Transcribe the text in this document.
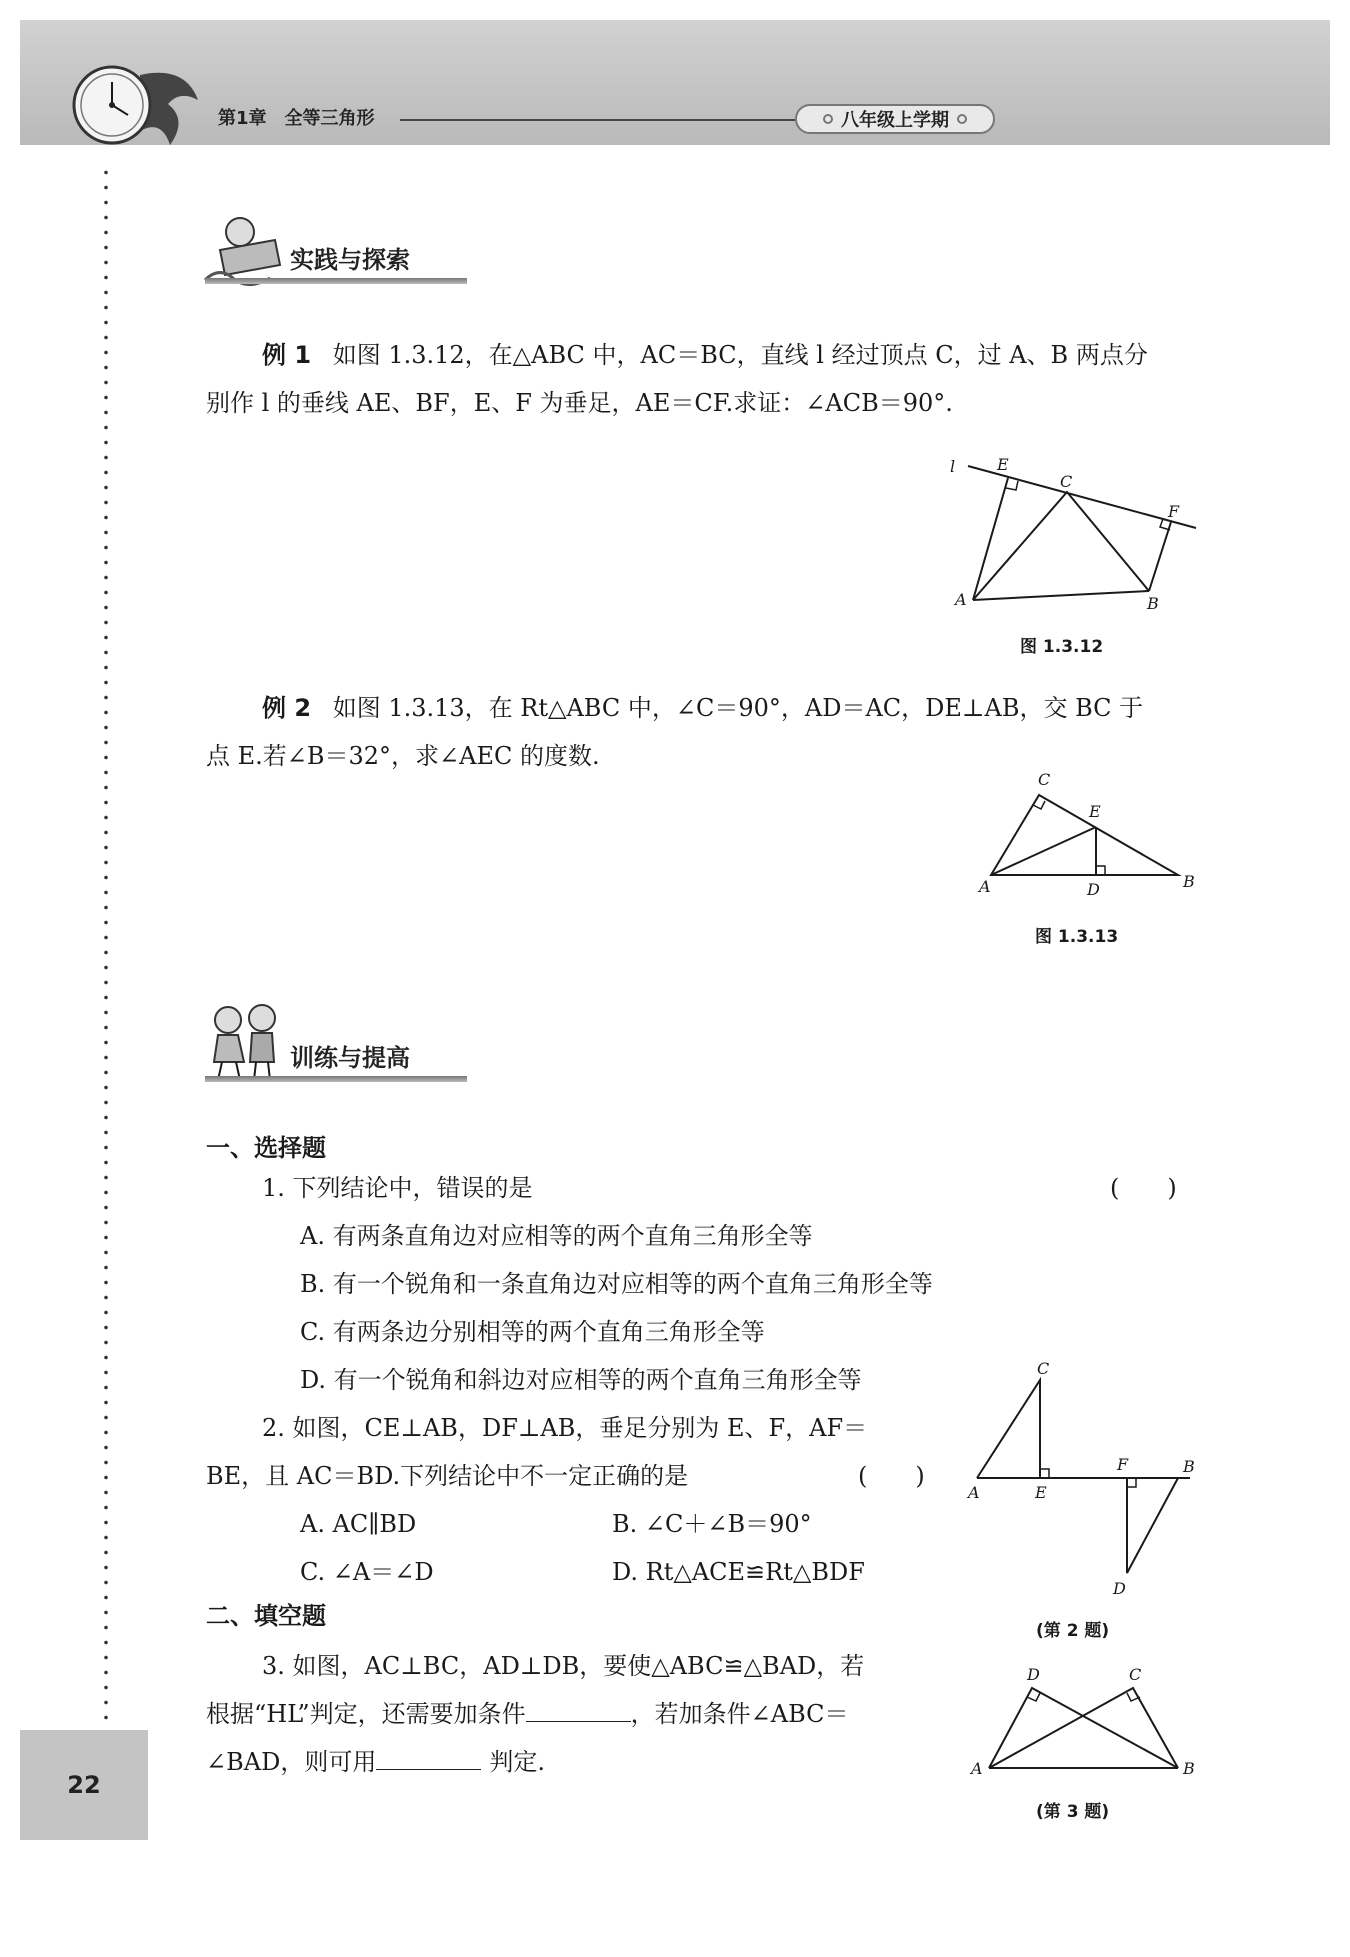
第1章　全等三角形	八年级上学期
实践与探索
例 1 如图 1.3.12，在△ABC 中，AC＝BC，直线 l 经过顶点 C，过 A、B 两点分
别作 l 的垂线 AE、BF，E、F 为垂足，AE＝CF.求证：∠ACB＝90°.
l	E
C
F
A	B
图 1.3.12
例 2 如图 1.3.13，在 Rt△ABC 中，∠C＝90°，AD＝AC，DE⊥AB，交 BC 于
点 E.若∠B＝32°，求∠AEC 的度数.
C
E
A	D	B
图 1.3.13
训练与提高
一、选择题
1. 下列结论中，错误的是	(　　)
A. 有两条直角边对应相等的两个直角三角形全等
B. 有一个锐角和一条直角边对应相等的两个直角三角形全等
C. 有两条边分别相等的两个直角三角形全等
D. 有一个锐角和斜边对应相等的两个直角三角形全等
2. 如图，CE⊥AB，DF⊥AB，垂足分别为 E、F，AF＝
BE，且 AC＝BD.下列结论中不一定正确的是	(　　)
A. AC∥BD	B. ∠C＋∠B＝90°
C. ∠A＝∠D	D. Rt△ACE≌Rt△BDF
C
A	E
F	B
D
(第 2 题)
二、填空题
3. 如图，AC⊥BC，AD⊥DB，要使△ABC≌△BAD，若
根据“HL”判定，还需要加条件	，若加条件∠ABC＝
∠BAD，则可用	判定.
D	C
A	B
(第 3 题)
22
